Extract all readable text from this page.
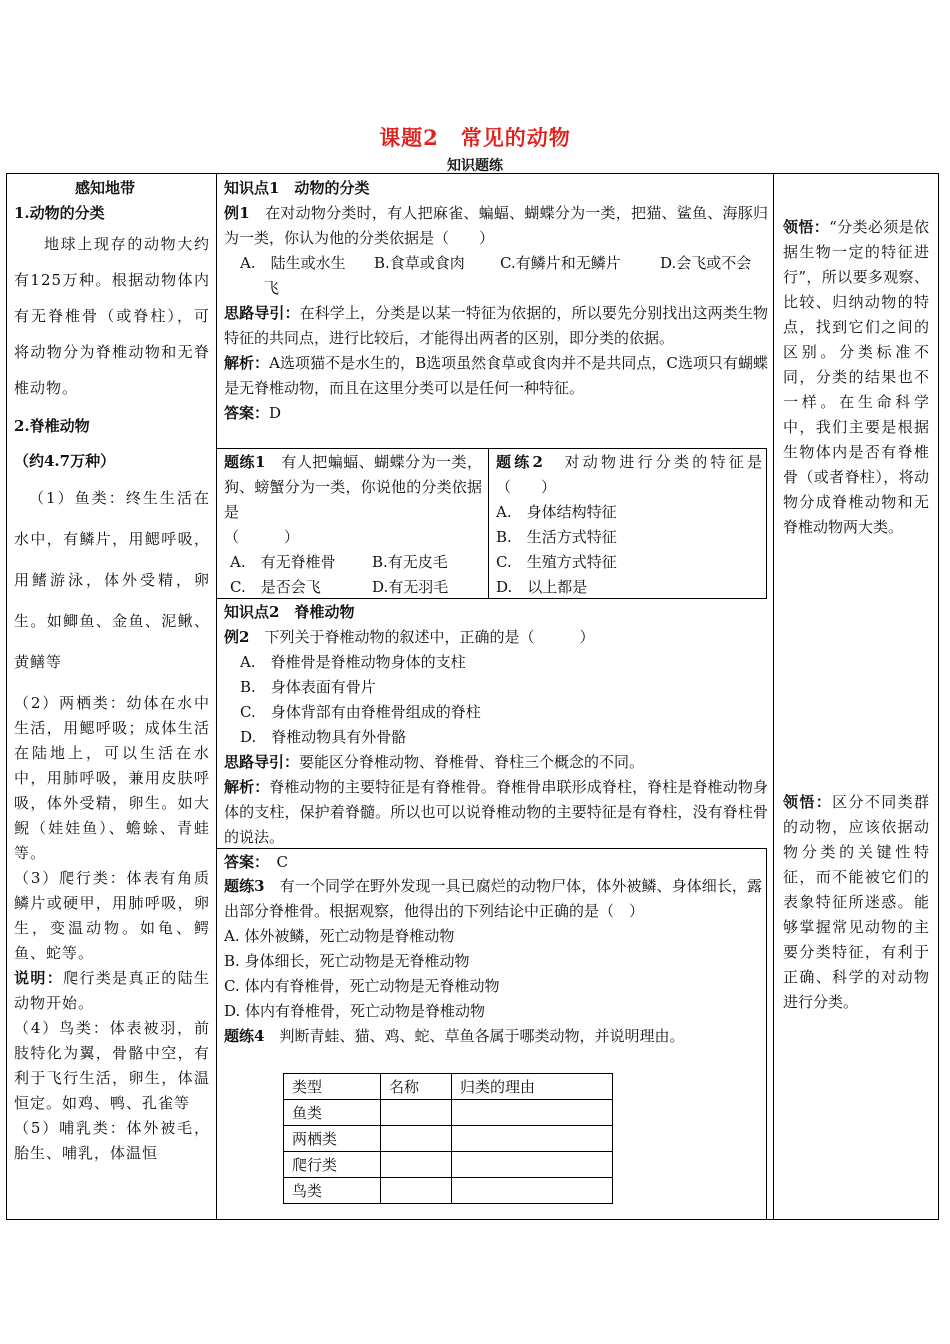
课题2　常见的动物
知识题练

感知地带

1.动物的分类

地球上现存的动物大约有125万种。根据动物体内有无脊椎骨（或脊柱），可将动物分为脊椎动物和无脊椎动物。

2.脊椎动物

（约4.7万种）

（1）鱼类：终生生活在水中，有鳞片，用鳃呼吸，用鳍游泳，体外受精，卵生。如鲫鱼、金鱼、泥鳅、黄鳝等

（2）两栖类：幼体在水中生活，用鳃呼吸；成体生活在陆地上，可以生活在水中，用肺呼吸，兼用皮肤呼吸，体外受精，卵生。如大鲵（娃娃鱼）、蟾蜍、青蛙等。

（3）爬行类：体表有角质鳞片或硬甲，用肺呼吸，卵生，变温动物。如龟、鳄鱼、蛇等。

说明：爬行类是真正的陆生动物开始。

（4）鸟类：体表被羽，前肢特化为翼，骨骼中空，有利于飞行生活，卵生，体温恒定。如鸡、鸭、孔雀等

（5）哺乳类：体外被毛，胎生、哺乳，体温恒

知识点1　动物的分类

例1　 在对动物分类时，有人把麻雀、蝙蝠、蝴蝶分为一类，把猫、鲨鱼、海豚归为一类，你认为他的分类依据是（　　）

A.　陆生或水生	B.食草或食肉	C.有鳞片和无鳞片	D.会飞或不会

飞

思路导引：在科学上，分类是以某一特征为依据的，所以要先分别找出这两类生物特征的共同点，进行比较后，才能得出两者的区别，即分类的依据。

解析：A选项猫不是水生的，B选项虽然食草或食肉并不是共同点，C选项只有蝴蝶是无脊椎动物，而且在这里分类可以是任何一种特征。

答案：D

题练1　 有人把蝙蝠、蝴蝶分为一类，狗、螃蟹分为一类，你说他的分类依据是

（　　　）

A.　有无脊椎骨	B.有无皮毛
C.　是否会飞	D.有无羽毛

题练2　 对动物进行分类的特征是（　　）

A.　身体结构特征

B.　生活方式特征

C.　生殖方式特征

D.　以上都是

知识点2　脊椎动物

例2　 下列关于脊椎动物的叙述中，正确的是（　　　）

A.　脊椎骨是脊椎动物身体的支柱

B.　身体表面有骨片

C.　身体背部有由脊椎骨组成的脊柱

D.　脊椎动物具有外骨骼

思路导引：要能区分脊椎动物、脊椎骨、脊柱三个概念的不同。

解析：脊椎动物的主要特征是有脊椎骨。脊椎骨串联形成脊柱，脊柱是脊椎动物身体的支柱，保护着脊髓。所以也可以说脊椎动物的主要特征是有脊柱，没有脊柱骨的说法。

答案：　 C

题练3　 有一个同学在野外发现一具已腐烂的动物尸体，体外被鳞、身体细长，露出部分脊椎骨。根据观察，他得出的下列结论中正确的是（　）

A. 体外被鳞，死亡动物是脊椎动物

B. 身体细长，死亡动物是无脊椎动物

C. 体内有脊椎骨，死亡动物是无脊椎动物

D. 体内有脊椎骨，死亡动物是脊椎动物

题练4　 判断青蛙、猫、鸡、蛇、草鱼各属于哪类动物，并说明理由。

类型	名称	归类的理由
鱼类		
两栖类		
爬行类		
鸟类		
领悟：“分类必须是依据生物一定的特征进行”，所以要多观察、比较、归纳动物的特点，找到它们之间的区别。分类标准不同，分类的结果也不一样。在生命科学中，我们主要是根据生物体内是否有脊椎骨（或者脊柱），将动物分成脊椎动物和无脊椎动物两大类。
领悟：区分不同类群的动物，应该依据动物分类的关键性特征，而不能被它们的表象特征所迷惑。能够掌握常见动物的主要分类特征，有利于正确、科学的对动物进行分类。
